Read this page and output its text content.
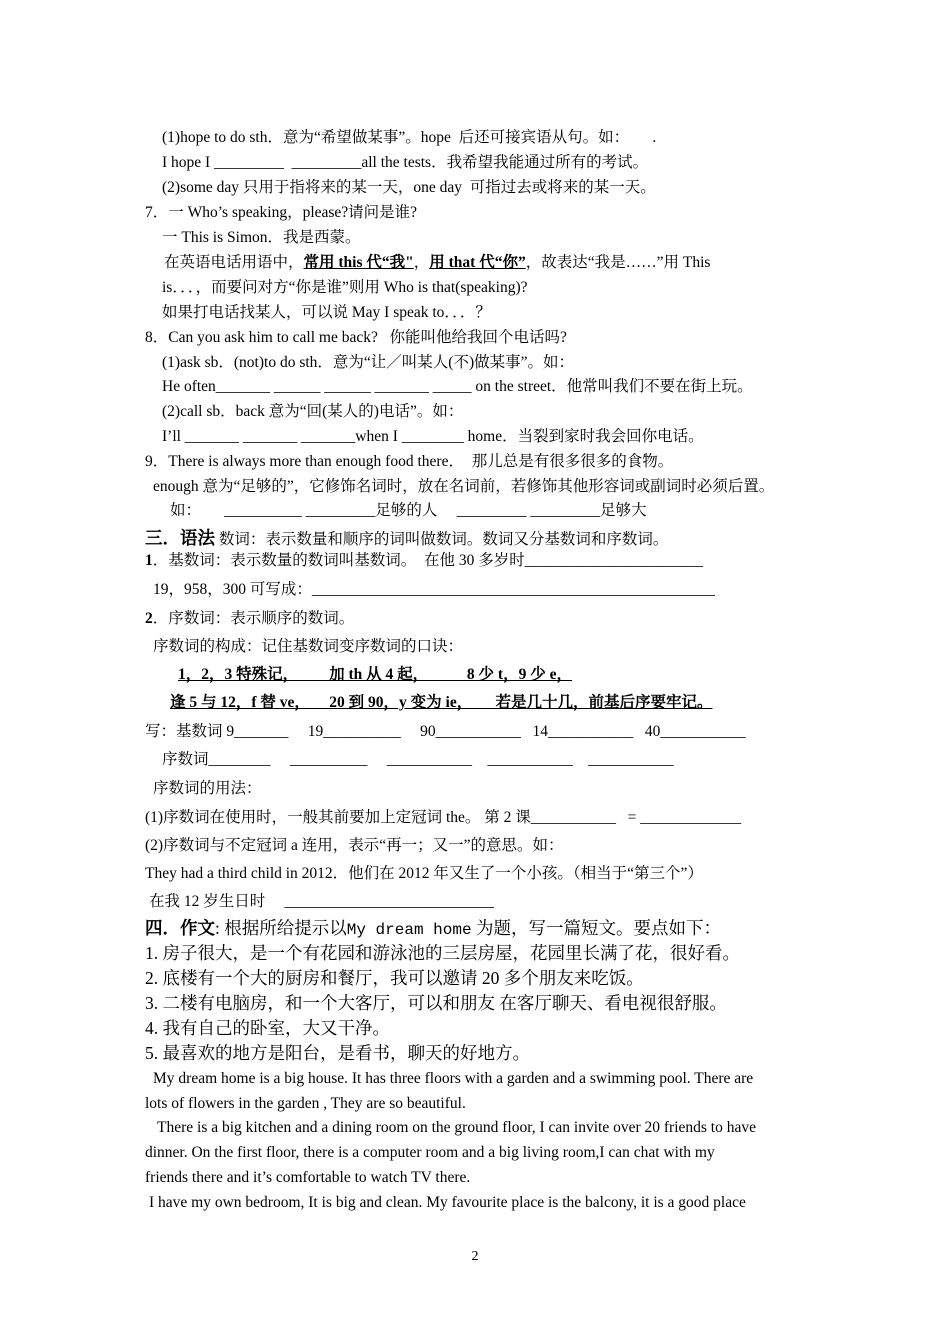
(1)hope to do sth．意为“希望做某事”。hope  后还可接宾语从句。如：      .
I hope I _________  _________all the tests．我希望我能通过所有的考试。
(2)some day 只用于指将来的某一天，one day  可指过去或将来的某一天。
7．一 Who’s speaking，please?请问是谁?
一 This is Simon．我是西蒙。
在英语电话用语中，常用 this 代“我"，用 that 代“你”，故表达“我是……”用 This
is．．．，而要问对方“你是谁”则用 Who is that(speaking)?
如果打电话找某人，可以说 May I speak to．．．？
8．Can you ask him to call me back?   你能叫他给我回个电话吗?
(1)ask sb．(not)to do sth．意为“让／叫某人(不)做某事”。如：
He often_______ ______ ______ _______ _____ on the street．他常叫我们不要在街上玩。
(2)call sb．back 意为“回(某人的)电话”。如：
I’ll _______ _______ _______when I ________ home．当裂到家时我会回你电话。
9．There is always more than enough food there．  那儿总是有很多很多的食物。
enough 意为“足够的”，它修饰名词时，放在名词前，若修饰其他形容词或副词时必须后置。
如：      __________ _________足够的人     _________ _________足够大
三．语法 数词：表示数量和顺序的词叫做数词。数词又分基数词和序数词。
1．基数词：表示数量的数词叫基数词。  在他 30 多岁时_______________________
19，958，300 可写成：____________________________________________________
2．序数词：表示顺序的数词。
序数词的构成：记住基数词变序数词的口诀：
1，2，3 特殊记，        加 th 从 4 起，          8 少 t，9 少 e，
逢 5 与 12，f 替 ve，     20 到 90，y 变为 ie，      若是几十几，前基后序要牢记。
写：基数词 9_______     19__________     90___________   14___________   40___________
序数词________     __________     ___________    ___________    ___________
序数词的用法：
(1)序数词在使用时，一般其前要加上定冠词 the。 第 2 课___________   = _____________
(2)序数词与不定冠词 a 连用，表示“再一；又一”的意思。如：
They had a third child in 2012．他们在 2012 年又生了一个小孩。（相当于“第三个”）
在我 12 岁生日时     ___________________________
四．作文: 根据所给提示以My dream home 为题，写一篇短文。要点如下：
1. 房子很大，是一个有花园和游泳池的三层房屋，花园里长满了花，很好看。
2. 底楼有一个大的厨房和餐厅，我可以邀请 20 多个朋友来吃饭。
3. 二楼有电脑房，和一个大客厅，可以和朋友 在客厅聊天、看电视很舒服。
4. 我有自己的卧室，大又干净。
5. 最喜欢的地方是阳台，是看书，聊天的好地方。
My dream home is a big house. It has three floors with a garden and a swimming pool. There are
lots of flowers in the garden , They are so beautiful.
There is a big kitchen and a dining room on the ground floor, I can invite over 20 friends to have
dinner. On the first floor, there is a computer room and a big living room,I can chat with my
friends there and it’s comfortable to watch TV there.
I have my own bedroom, It is big and clean. My favourite place is the balcony, it is a good place
2
